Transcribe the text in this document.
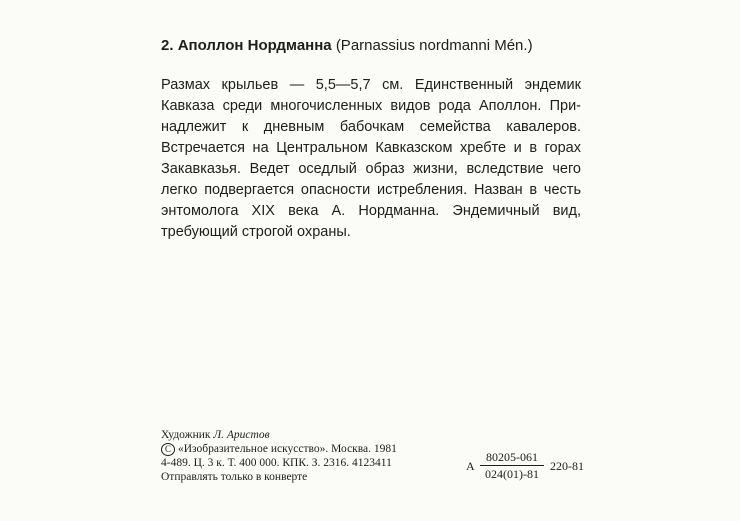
2. Аполлон Нордманна (Parnassius nordmanni Mén.)
Размах крыльев — 5,5—5,7 см. Единственный эндемик
Кавказа среди многочисленных видов рода Аполлон. При-
надлежит к дневным бабочкам семейства кавалеров.
Встречается на Центральном Кавказском хребте и в горах
Закавказья. Ведет оседлый образ жизни, вследствие чего
легко подвергается опасности истребления. Назван в честь
энтомолога XIX века А. Нордманна. Эндемичный вид,
требующий строгой охраны.
Художник Л. Аристов
C «Изобразительное искусство». Москва. 1981
4-489. Ц. 3 к. Т. 400 000. КПК. З. 2316. 4123411
Отправлять только в конверте
А $\frac{80205-061}{024(01)-81} 220-81$
